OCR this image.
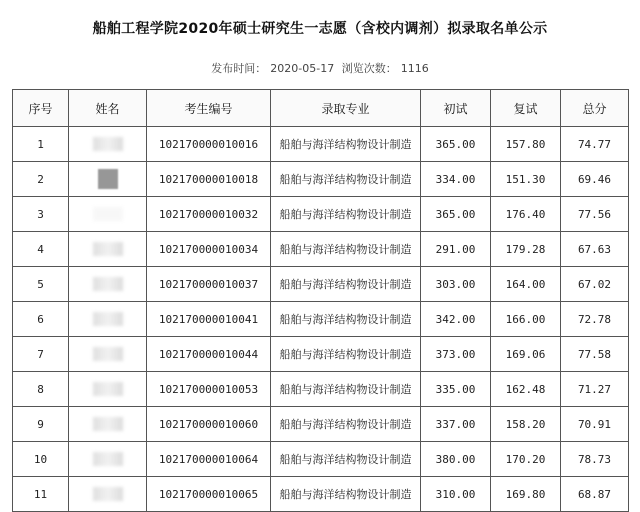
船舶工程学院2020年硕士研究生一志愿（含校内调剂）拟录取名单公示
发布时间： 2020-05-17 浏览次数： 1116
序号	姓名	考生编号	录取专业	初试	复试	总分
1		102170000010016	船舶与海洋结构物设计制造	365.00	157.80	74.77
2		102170000010018	船舶与海洋结构物设计制造	334.00	151.30	69.46
3		102170000010032	船舶与海洋结构物设计制造	365.00	176.40	77.56
4		102170000010034	船舶与海洋结构物设计制造	291.00	179.28	67.63
5		102170000010037	船舶与海洋结构物设计制造	303.00	164.00	67.02
6		102170000010041	船舶与海洋结构物设计制造	342.00	166.00	72.78
7		102170000010044	船舶与海洋结构物设计制造	373.00	169.06	77.58
8		102170000010053	船舶与海洋结构物设计制造	335.00	162.48	71.27
9		102170000010060	船舶与海洋结构物设计制造	337.00	158.20	70.91
10		102170000010064	船舶与海洋结构物设计制造	380.00	170.20	78.73
11		102170000010065	船舶与海洋结构物设计制造	310.00	169.80	68.87
